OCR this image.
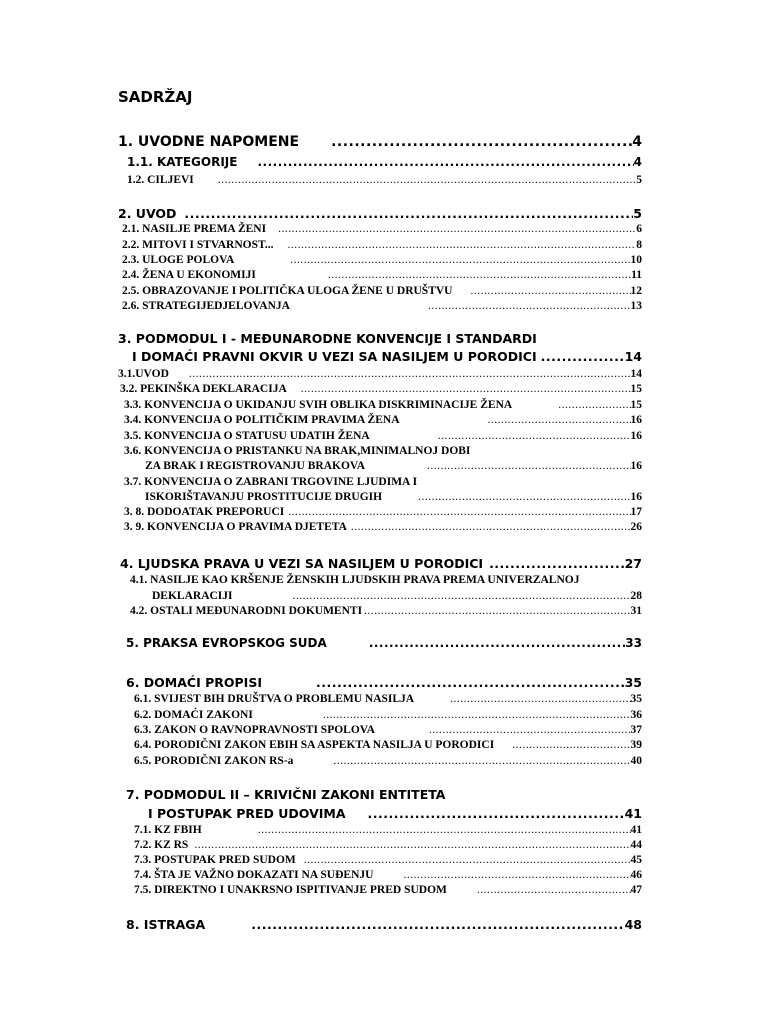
SADRŽAJ
1. UVODNE NAPOMENE .....	4
1.1. KATEGORIJE .....	4
1.2. CILJEVI .....	5
2. UVOD .....	5
2.1. NASILJE PREMA ŽENI .....	6
2.2. MITOVI I STVARNOST... .....	8
2.3. ULOGE POLOVA .....	10
2.4. ŽENA U EKONOMIJI .....	11
2.5. OBRAZOVANJE I POLITIČKA ULOGA ŽENE U DRUŠTVU .....	12
2.6. STRATEGIJEDJELOVANJA .....	13
3. PODMODUL I - MEĐUNARODNE KONVENCIJE I STANDARDI
I DOMAĆI PRAVNI OKVIR U VEZI SA NASILJEM U PORODICI .....	14
3.1.UVOD .....	14
3.2. PEKINŠKA DEKLARACIJA .....	15
3.3. KONVENCIJA O UKIDANJU SVIH OBLIKA DISKRIMINACIJE ŽENA .....	15
3.4. KONVENCIJA O POLITIČKIM PRAVIMA ŽENA .....	16
3.5. KONVENCIJA O STATUSU UDATIH ŽENA .....	16
3.6. KONVENCIJA O PRISTANKU NA BRAK,MINIMALNOJ DOBI
ZA BRAK I REGISTROVANJU BRAKOVA .....	16
3.7. KONVENCIJA O ZABRANI TRGOVINE LJUDIMA I
ISKORIŠTAVANJU PROSTITUCIJE DRUGIH .....	16
3. 8. DODOATAK PREPORUCI .....	17
3. 9. KONVENCIJA O PRAVIMA DJETETA .....	26
4. LJUDSKA PRAVA U VEZI SA NASILJEM U PORODICI .....	27
4.1. NASILJE KAO KRŠENJE ŽENSKIH LJUDSKIH PRAVA PREMA UNIVERZALNOJ
DEKLARACIJI .....	28
4.2. OSTALI MEĐUNARODNI DOKUMENTI .....	31
5. PRAKSA EVROPSKOG SUDA .....	33
6. DOMAĆI PROPISI .....	35
6.1. SVIJEST BIH DRUŠTVA O PROBLEMU NASILJA .....	35
6.2. DOMAĆI ZAKONI .....	36
6.3. ZAKON O RAVNOPRAVNOSTI SPOLOVA .....	37
6.4. PORODIČNI ZAKON EBIH SA ASPEKTA NASILJA U PORODICI .....	39
6.5. PORODIČNI ZAKON RS-a .....	40
7. PODMODUL II – KRIVIČNI ZAKONI ENTITETA
I POSTUPAK PRED UDOVIMA .....	41
7.1. KZ FBIH .....	41
7.2. KZ RS .....	44
7.3. POSTUPAK PRED SUDOM .....	45
7.4. ŠTA JE VAŽNO DOKAZATI NA SUĐENJU .....	46
7.5. DIREKTNO I UNAKRSNO ISPITIVANJE PRED SUDOM .....	47
8. ISTRAGA .....	48
